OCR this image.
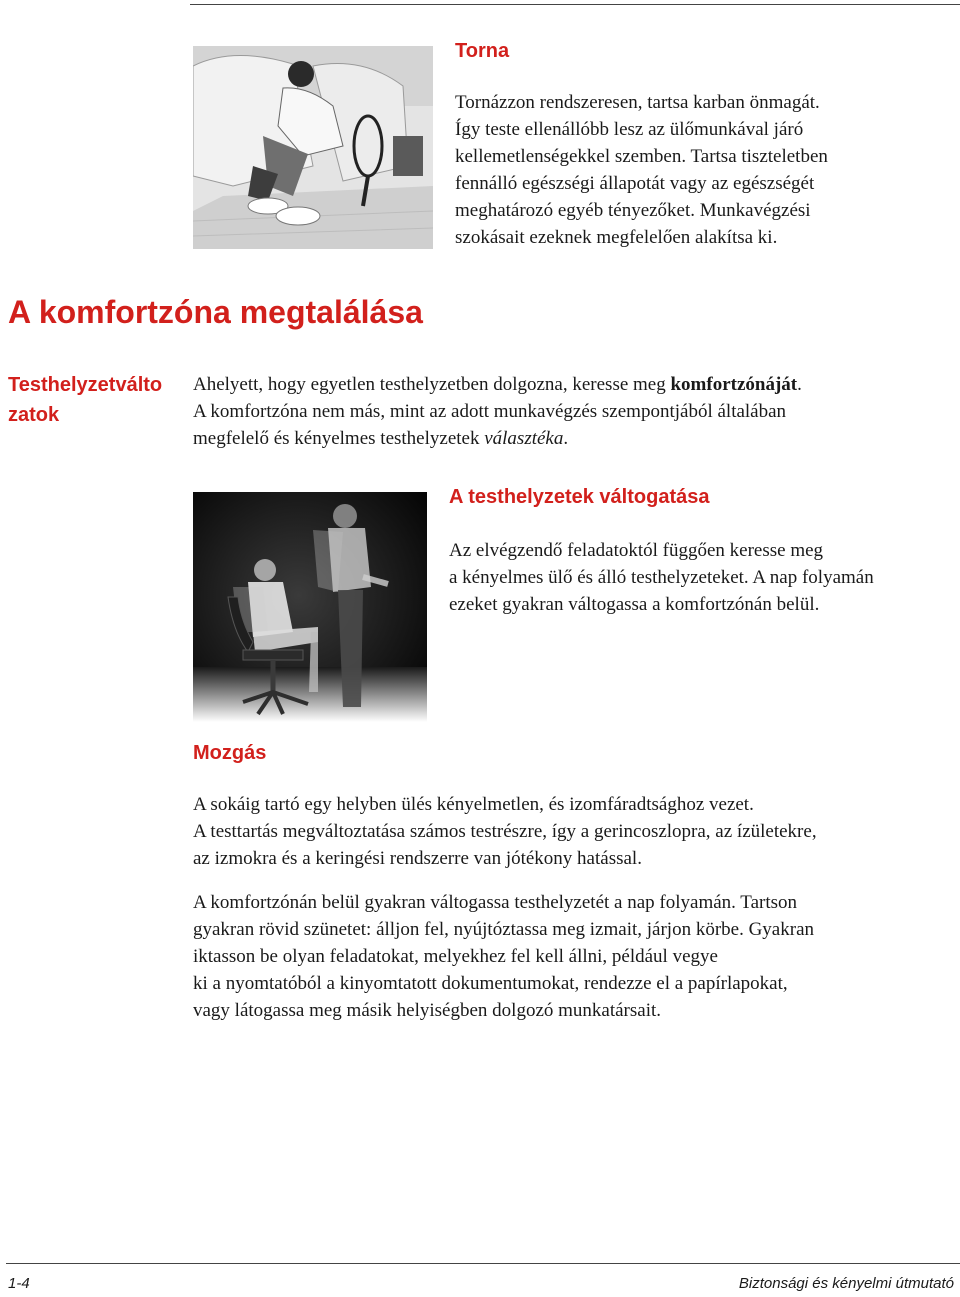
Torna
Tornázzon rendszeresen, tartsa karban önmagát.
Így teste ellenállóbb lesz az ülőmunkával járó
kellemetlenségekkel szemben. Tartsa tiszteletben
fennálló egészségi állapotát vagy az egészségét
meghatározó egyéb tényezőket. Munkavégzési
szokásait ezeknek megfelelően alakítsa ki.
A komfortzóna megtalálása
Testhelyzetválto
zatok
Ahelyett, hogy egyetlen testhelyzetben dolgozna, keresse meg komfortzónáját.
A komfortzóna nem más, mint az adott munkavégzés szempontjából általában
megfelelő és kényelmes testhelyzetek választéka.
A testhelyzetek váltogatása
Az elvégzendő feladatoktól függően keresse meg
a kényelmes ülő és álló testhelyzeteket. A nap folyamán
ezeket gyakran váltogassa a komfortzónán belül.
Mozgás
A sokáig tartó egy helyben ülés kényelmetlen, és izomfáradtsághoz vezet.
A testtartás megváltoztatása számos testrészre, így a gerincoszlopra, az ízületekre,
az izmokra és a keringési rendszerre van jótékony hatással.
A komfortzónán belül gyakran váltogassa testhelyzetét a nap folyamán. Tartson
gyakran rövid szünetet: álljon fel, nyújtóztassa meg izmait, járjon körbe. Gyakran
iktasson be olyan feladatokat, melyekhez fel kell állni, például vegye
ki a nyomtatóból a kinyomtatott dokumentumokat, rendezze el a papírlapokat,
vagy látogassa meg másik helyiségben dolgozó munkatársait.
1-4	Biztonsági és kényelmi útmutató
